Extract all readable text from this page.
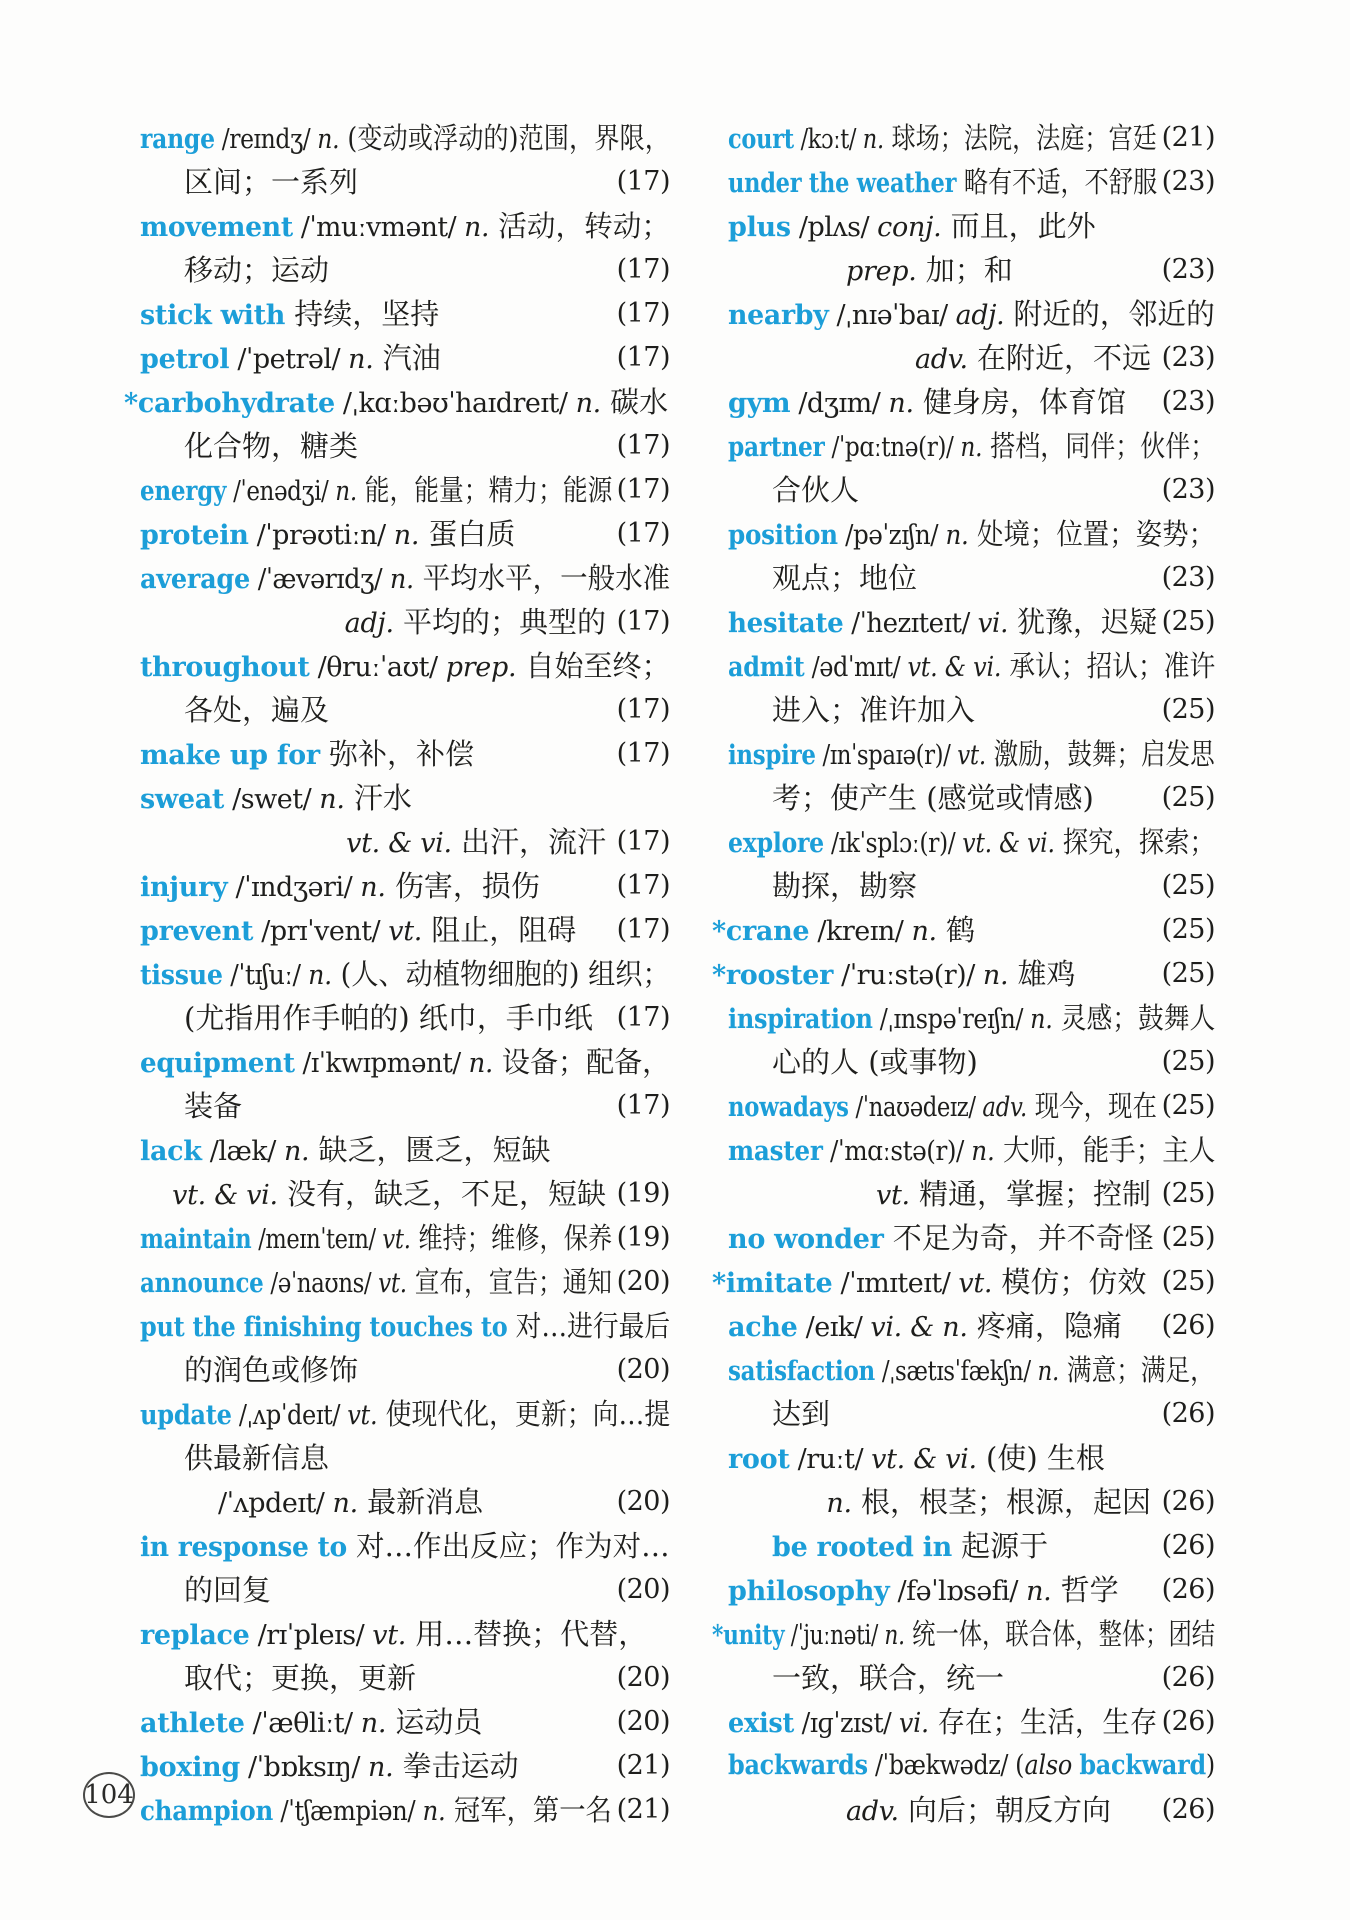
range /reɪndʒ/ n. (变动或浮动的)范围，界限，
区间；一系列	(17)
movement /ˈmuːvmənt/ n. 活动，转动；
移动；运动	(17)
stick with 持续，坚持	(17)
petrol /ˈpetrəl/ n. 汽油	(17)
*carbohydrate /ˌkɑːbəʊˈhaɪdreɪt/ n. 碳水
化合物，糖类	(17)
energy /ˈenədʒi/ n. 能，能量；精力；能源 (17)
protein /ˈprəʊtiːn/ n. 蛋白质	(17)
average /ˈævərɪdʒ/ n. 平均水平，一般水准
adj. 平均的；典型的 (17)
throughout /θruːˈaʊt/ prep. 自始至终；
各处，遍及	(17)
make up for 弥补，补偿	(17)
sweat /swet/ n. 汗水
vt. & vi. 出汗，流汗 (17)
injury /ˈɪndʒəri/ n. 伤害，损伤	(17)
prevent /prɪˈvent/ vt. 阻止，阻碍 (17)
tissue /ˈtɪʃuː/ n. (人、动植物细胞的) 组织；
(尤指用作手帕的) 纸巾，手巾纸 (17)
equipment /ɪˈkwɪpmənt/ n. 设备；配备，
装备	(17)
lack /læk/ n. 缺乏，匮乏，短缺
vt. & vi. 没有，缺乏，不足，短缺 (19)
maintain /meɪnˈteɪn/ vt. 维持；维修，保养 (19)
announce /əˈnaʊns/ vt. 宣布，宣告；通知 (20)
put the finishing touches to 对…进行最后
的润色或修饰	(20)
update /ˌʌpˈdeɪt/ vt. 使现代化，更新；向…提
供最新信息
/ˈʌpdeɪt/ n. 最新消息	(20)
in response to 对…作出反应；作为对…
的回复	(20)
replace /rɪˈpleɪs/ vt. 用…替换；代替，
取代；更换，更新	(20)
athlete /ˈæθliːt/ n. 运动员	(20)
boxing /ˈbɒksɪŋ/ n. 拳击运动	(21)
champion /ˈtʃæmpiən/ n. 冠军，第一名 (21)
court /kɔːt/ n. 球场；法院，法庭；宫廷 (21)
under the weather 略有不适，不舒服 (23)
plus /plʌs/ conj. 而且，此外
prep. 加；和	(23)
nearby /ˌnɪəˈbaɪ/ adj. 附近的，邻近的
adv. 在附近，不远 (23)
gym /dʒɪm/ n. 健身房，体育馆 (23)
partner /ˈpɑːtnə(r)/ n. 搭档，同伴；伙伴；
合伙人	(23)
position /pəˈzɪʃn/ n. 处境；位置；姿势；
观点；地位	(23)
hesitate /ˈhezɪteɪt/ vi. 犹豫，迟疑 (25)
admit /ədˈmɪt/ vt. & vi. 承认；招认；准许
进入；准许加入	(25)
inspire /ɪnˈspaɪə(r)/ vt. 激励，鼓舞；启发思
考；使产生 (感觉或情感)	(25)
explore /ɪkˈsplɔː(r)/ vt. & vi. 探究，探索；
勘探，勘察	(25)
*crane /kreɪn/ n. 鹤	(25)
*rooster /ˈruːstə(r)/ n. 雄鸡	(25)
inspiration /ˌɪnspəˈreɪʃn/ n. 灵感；鼓舞人
心的人 (或事物)	(25)
nowadays /ˈnaʊədeɪz/ adv. 现今，现在 (25)
master /ˈmɑːstə(r)/ n. 大师，能手；主人
vt. 精通，掌握；控制 (25)
no wonder 不足为奇，并不奇怪 (25)
*imitate /ˈɪmɪteɪt/ vt. 模仿；仿效 (25)
ache /eɪk/ vi. & n. 疼痛，隐痛 (26)
satisfaction /ˌsætɪsˈfækʃn/ n. 满意；满足，
达到	(26)
root /ruːt/ vt. & vi. (使) 生根
n. 根，根茎；根源，起因 (26)
be rooted in 起源于	(26)
philosophy /fəˈlɒsəfi/ n. 哲学 (26)
*unity /ˈjuːnəti/ n. 统一体，联合体，整体；团结
一致，联合，统一	(26)
exist /ɪɡˈzɪst/ vi. 存在；生活，生存 (26)
backwards /ˈbækwədz/ (also backward)
adv. 向后；朝反方向 (26)
104
